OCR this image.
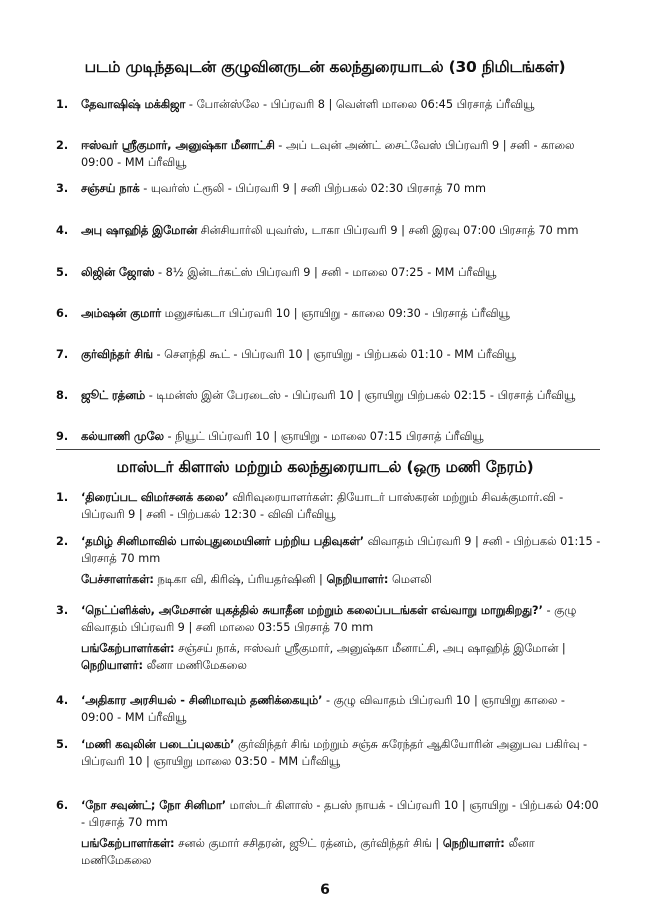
படம் முடிந்தவுடன் குழுவினருடன் கலந்துரையாடல் (30 நிமிடங்கள்)
1. தேவாஷிஷ் மக்கிஜா - போன்ஸ்லே - பிப்ரவரி 8 | வெள்ளி மாலை 06:45 பிரசாத் ப்ரீவியூ
2. ஈஸ்வர் ஸ்ரீகுமார், அனுஷ்கா மீனாட்சி - அப் டவுன் அண்ட் சைட்வேஸ் பிப்ரவரி 9 | சனி - காலை 09:00 - MM ப்ரீவியூ
3. சஞ்சய் நாக் - யுவர்ஸ் ட்ரூலி - பிப்ரவரி 9 | சனி பிற்பகல் 02:30 பிரசாத் 70 mm
4. அபு ஷாஹித் இமோன் சின்சியார்லி யுவர்ஸ், டாகா பிப்ரவரி 9 | சனி இரவு 07:00 பிரசாத் 70 mm
5. லிஜின் ஜோஸ் - 8½ இன்டர்கட்ஸ் பிப்ரவரி 9 | சனி - மாலை 07:25 - MM ப்ரீவியூ
6. அம்ஷன் குமார் மனுசங்கடா பிப்ரவரி 10 | ஞாயிறு - காலை 09:30 - பிரசாத் ப்ரீவியூ
7. குர்விந்தர் சிங் - சௌந்தி கூட் - பிப்ரவரி 10 | ஞாயிறு - பிற்பகல் 01:10 - MM ப்ரீவியூ
8. ஜூட் ரத்னம் - டிமன்ஸ் இன் பேரடைஸ் - பிப்ரவரி 10 | ஞாயிறு பிற்பகல் 02:15 - பிரசாத் ப்ரீவியூ
9. கல்யாணி முலே - நியூட் பிப்ரவரி 10 | ஞாயிறு - மாலை 07:15 பிரசாத் ப்ரீவியூ
மாஸ்டர் கிளாஸ் மற்றும் கலந்துரையாடல் (ஒரு மணி நேரம்)
1. ‘திரைப்பட விமர்சனக் கலை’ விரிவுரையாளர்கள்: தியோடர் பாஸ்கரன் மற்றும் சிவக்குமார்.வி - பிப்ரவரி 9 | சனி - பிற்பகல் 12:30 - விவி ப்ரீவியூ
2. ‘தமிழ் சினிமாவில் பால்புதுமையினர் பற்றிய பதிவுகள்’ விவாதம் பிப்ரவரி 9 | சனி - பிற்பகல் 01:15 - பிரசாத் 70 mm
பேச்சாளர்கள்: நடிகா வி, கிரிஷ், ப்ரியதர்ஷினி | நெறியாளர்: மௌலி
3. ‘நெட்ப்ளிக்ஸ், அமேசான் யுகத்தில் சுயாதீன மற்றும் கலைப்படங்கள் எவ்வாறு மாறுகிறது?’ - குழு விவாதம் பிப்ரவரி 9 | சனி மாலை 03:55 பிரசாத் 70 mm
பங்கேற்பாளர்கள்: சஞ்சய் நாக், ஈஸ்வர் ஸ்ரீகுமார், அனுஷ்கா மீனாட்சி, அபு ஷாஹித் இமோன் | நெறியாளர்: லீனா மணிமேகலை
4. ‘அதிகார அரசியல் - சினிமாவும் தணிக்கையும்’ - குழு விவாதம் பிப்ரவரி 10 | ஞாயிறு காலை - 09:00 - MM ப்ரீவியூ
5. ‘மணி கவுலின் படைப்புலகம்’ குர்விந்தர் சிங் மற்றும் சஞ்சு சுரேந்தர் ஆகியோரின் அனுபவ பகிர்வு - பிப்ரவரி 10 | ஞாயிறு மாலை 03:50 - MM ப்ரீவியூ
6. ‘நோ சவுண்ட்; நோ சினிமா’ மாஸ்டர் கிளாஸ் - தபஸ் நாயக் - பிப்ரவரி 10 | ஞாயிறு - பிற்பகல் 04:00 - பிரசாத் 70 mm
பங்கேற்பாளர்கள்: சனல் குமார் சசிதரன், ஜூட் ரத்னம், குர்விந்தர் சிங் | நெறியாளர்: லீனா மணிமேகலை
6
